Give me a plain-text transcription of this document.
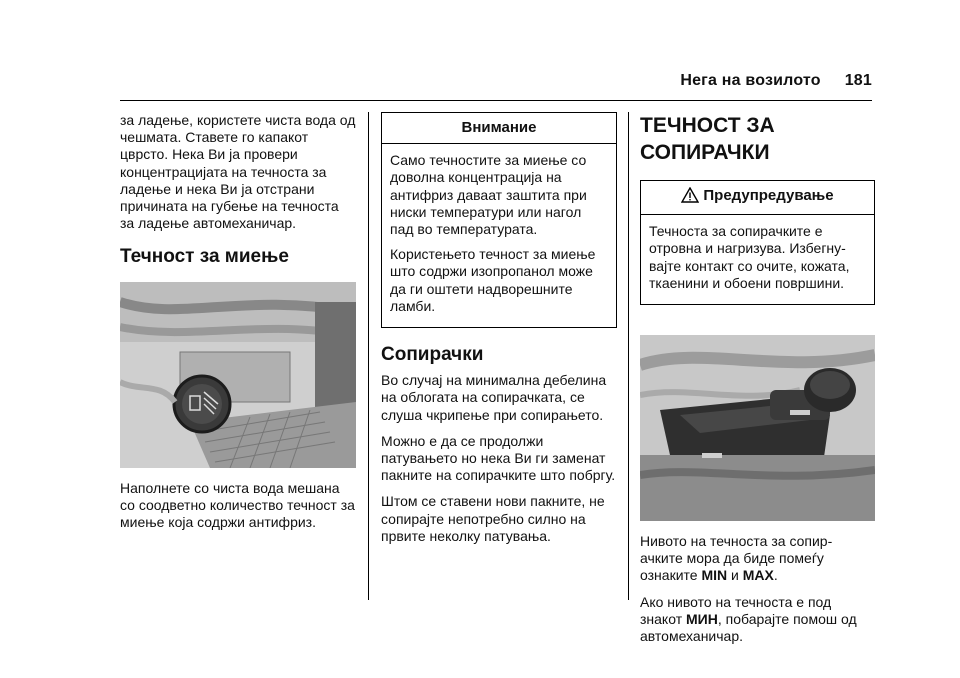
Нега на возилото 181

за ладење, користете чиста вода од чешмата. Ставете го капакот цврсто. Нека Ви ја провери концентрацијата на течноста за ладење и нека Ви ја отстрани причината на губење на течноста за ладење автомеханичар.

Течност за миење

Наполнете со чиста вода мешана со соодветно количество течност за миење која содржи антифриз.

Внимание

Само течностите за миење со доволна концентрација на антифриз даваат заштита при ниски температури или нагол пад во температурата.

Користењето течност за миење што содржи изопропанол може да ги оштети надворешните ламби.

Сопирачки

Во случај на минимална дебелина на облогата на сопирачката, се слуша чкрипење при сопирањето.

Можно е да се продолжи патувањето но нека Ви ги заменат пакните на сопирачките што побргу.

Штом се ставени нови пакните, не сопирајте непотребно силно на првите неколку патувања.

ТЕЧНОСТ ЗА СОПИРАЧКИ
Предупредување

Течноста за сопирачките е отровна и нагризува. Избегну- вајте контакт со очите, кожата, ткаенини и обоени површини.

Нивото на течноста за сопир- ачките мора да биде помеѓу ознаките MIN и MAX.

Ако нивото на течноста е под знакот МИН, побарајте помош од автомеханичар.
